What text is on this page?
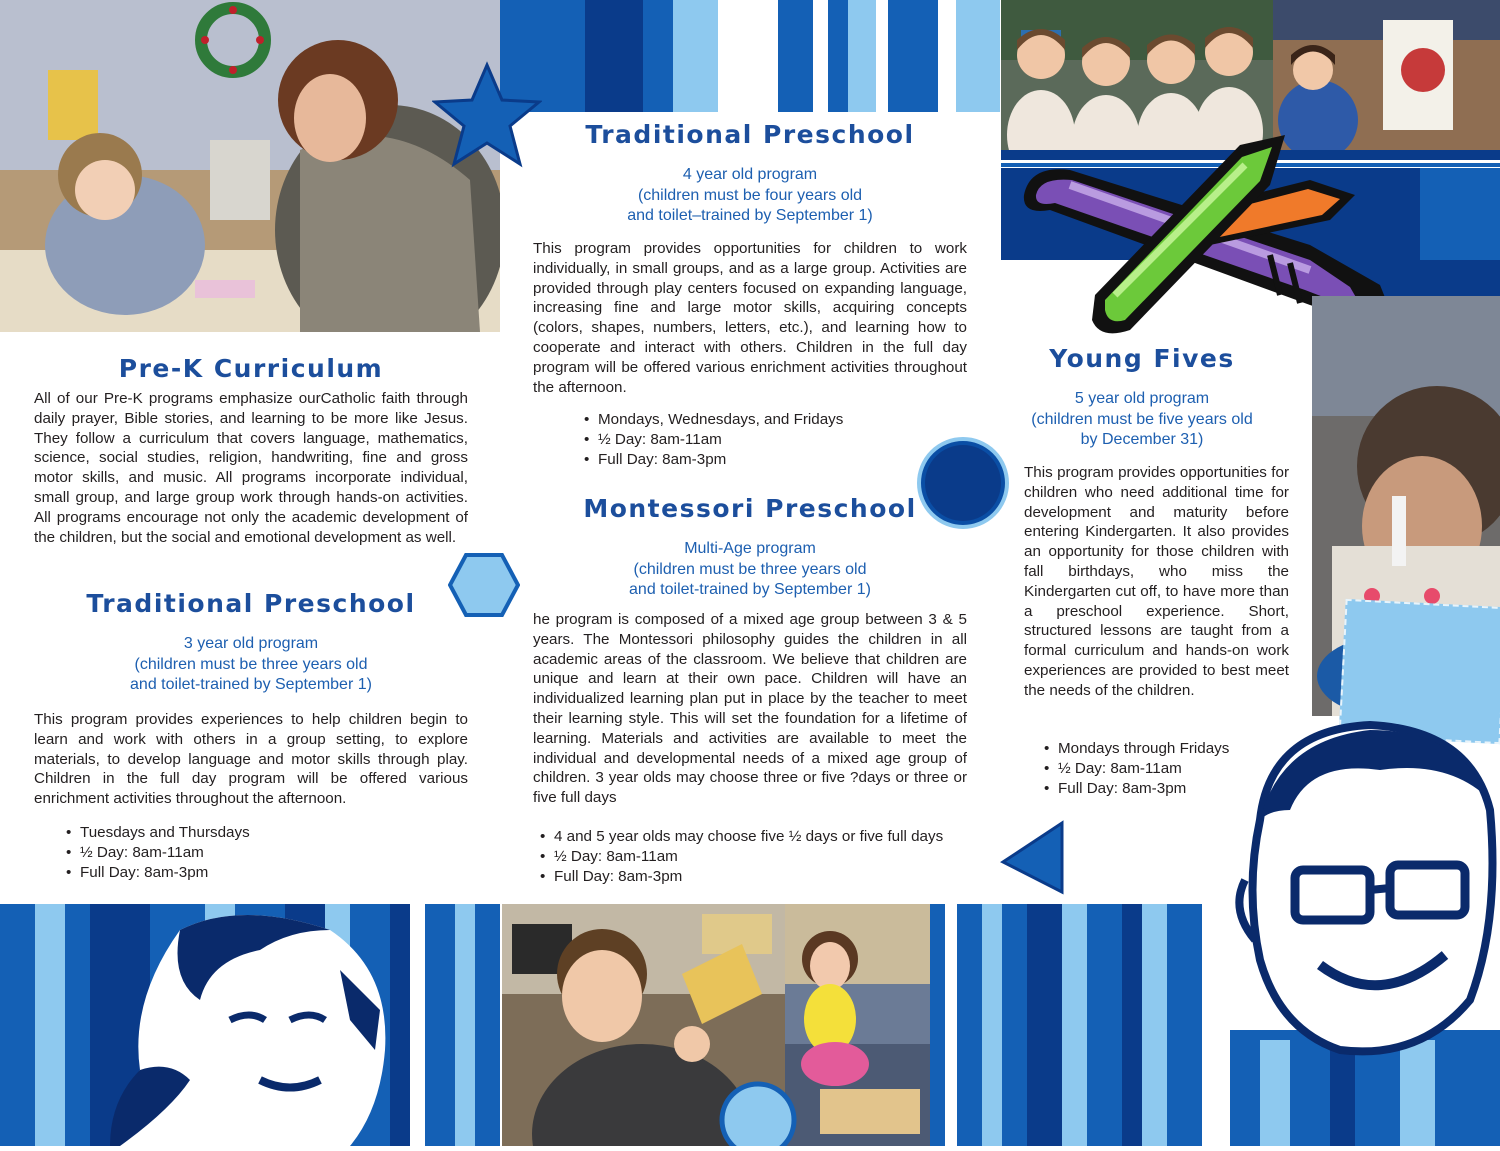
Pre-K Curriculum

All of our Pre-K programs emphasize ourCatholic faith through daily prayer, Bible stories, and learning to be more like Jesus. They follow a curriculum that covers language, mathematics, science, social studies, religion, handwriting, fine and gross motor skills, and music. All programs incorporate individual, small group, and large group work through hands-on activities. All programs encourage not only the academic development of the children, but the social and emotional development as well.

Traditional Preschool
3 year old program
(children must be three years old
and toilet-trained by September 1)

This program provides experiences to help children begin to learn and work with others in a group setting, to explore materials, to develop language and motor skills through play. Children in the full day program will be offered various enrichment activities throughout the afternoon.

• Tuesdays and Thursdays
• ½ Day: 8am-11am
• Full Day: 8am-3pm
Traditional Preschool
4 year old program
(children must be four years old
and toilet–trained by September 1)

This program provides opportunities for children to work individually, in small groups, and as a large group. Activities are provided through play centers focused on expanding language, increasing fine and large motor skills, acquiring concepts (colors, shapes, numbers, letters, etc.), and learning how to cooperate and interact with others. Children in the full day program will be offered various enrichment activities throughout the afternoon.

• Mondays, Wednesdays, and Fridays
• ½ Day: 8am-11am
• Full Day: 8am-3pm
Montessori Preschool
Multi-Age program
(children must be three years old
and toilet-trained by September 1)

he program is composed of a mixed age group between 3 & 5 years. The Montessori philosophy guides the children in all academic areas of the classroom. We believe that children are unique and learn at their own pace. Children will have an individualized learning plan put in place by the teacher to meet their learning style. This will set the foundation for a lifetime of learning. Materials and activities are available to meet the individual and developmental needs of a mixed age group of children. 3 year olds may choose three or five ?days or three or five full days

• 4 and 5 year olds may choose five ½ days or five full days
• ½ Day: 8am-11am
• Full Day: 8am-3pm
Young Fives
5 year old program
(children must be five years old
by December 31)

This program provides opportunities for children who need additional time for development and maturity before entering Kindergarten. It also provides an opportunity for those children with fall birthdays, who miss the Kindergarten cut off, to have more than a preschool experience. Short, structured lessons are taught from a formal curriculum and hands-on work experiences are provided to best meet the needs of the children.

• Mondays through Fridays
• ½ Day: 8am-11am
• Full Day: 8am-3pm
